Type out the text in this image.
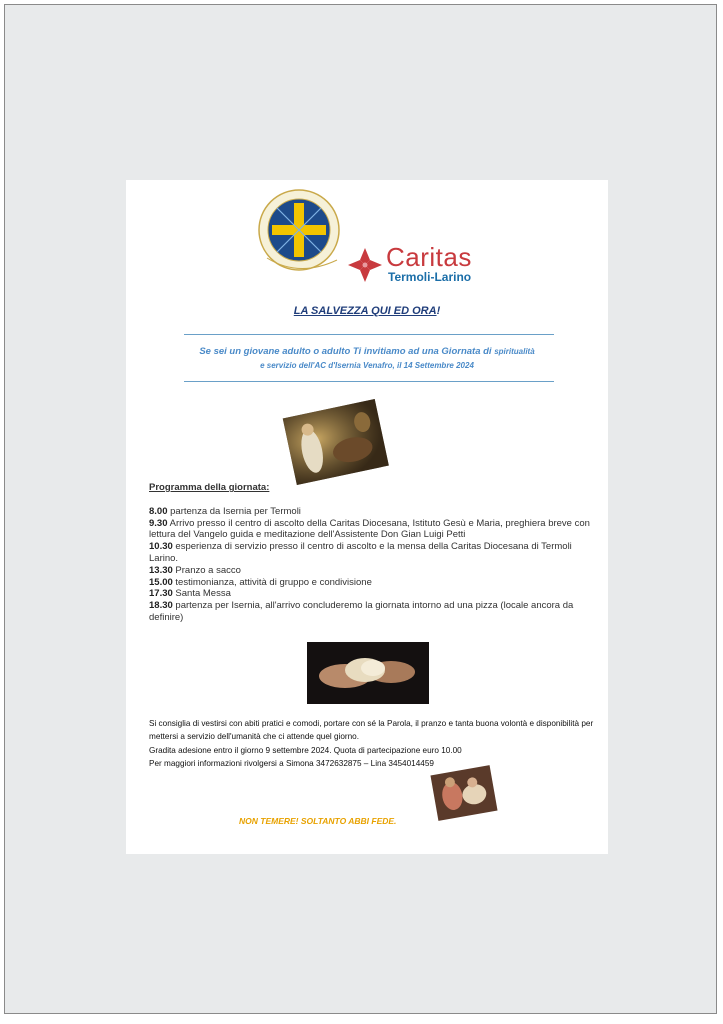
Caritas
Termoli-Larino
LA SALVEZZA QUI ED ORA!
Se sei un giovane adulto o adulto Ti invitiamo ad una Giornata di spiritualità
e servizio dell'AC d'Isernia Venafro, il 14 Settembre 2024
Programma della giornata:
8.00 partenza da Isernia per Termoli
9.30 Arrivo presso il centro di ascolto della Caritas Diocesana, Istituto Gesù e Maria, preghiera breve con lettura del Vangelo guida e meditazione dell'Assistente Don Gian Luigi Petti
10.30 esperienza di servizio presso il centro di ascolto e la mensa della Caritas Diocesana di Termoli Larino.
13.30 Pranzo a sacco
15.00 testimonianza, attività di gruppo e condivisione
17.30 Santa Messa
18.30 partenza per Isernia, all'arrivo concluderemo la giornata intorno ad una pizza (locale ancora da definire)
Si consiglia di vestirsi con abiti pratici e comodi, portare con sé la Parola, il pranzo e tanta buona volontà e disponibilità per mettersi a servizio dell'umanità che ci attende quel giorno.
Gradita adesione entro il giorno 9 settembre 2024. Quota di partecipazione euro 10.00
Per maggiori informazioni rivolgersi a Simona 3472632875 – Lina 3454014459
NON TEMERE! SOLTANTO ABBI FEDE.
